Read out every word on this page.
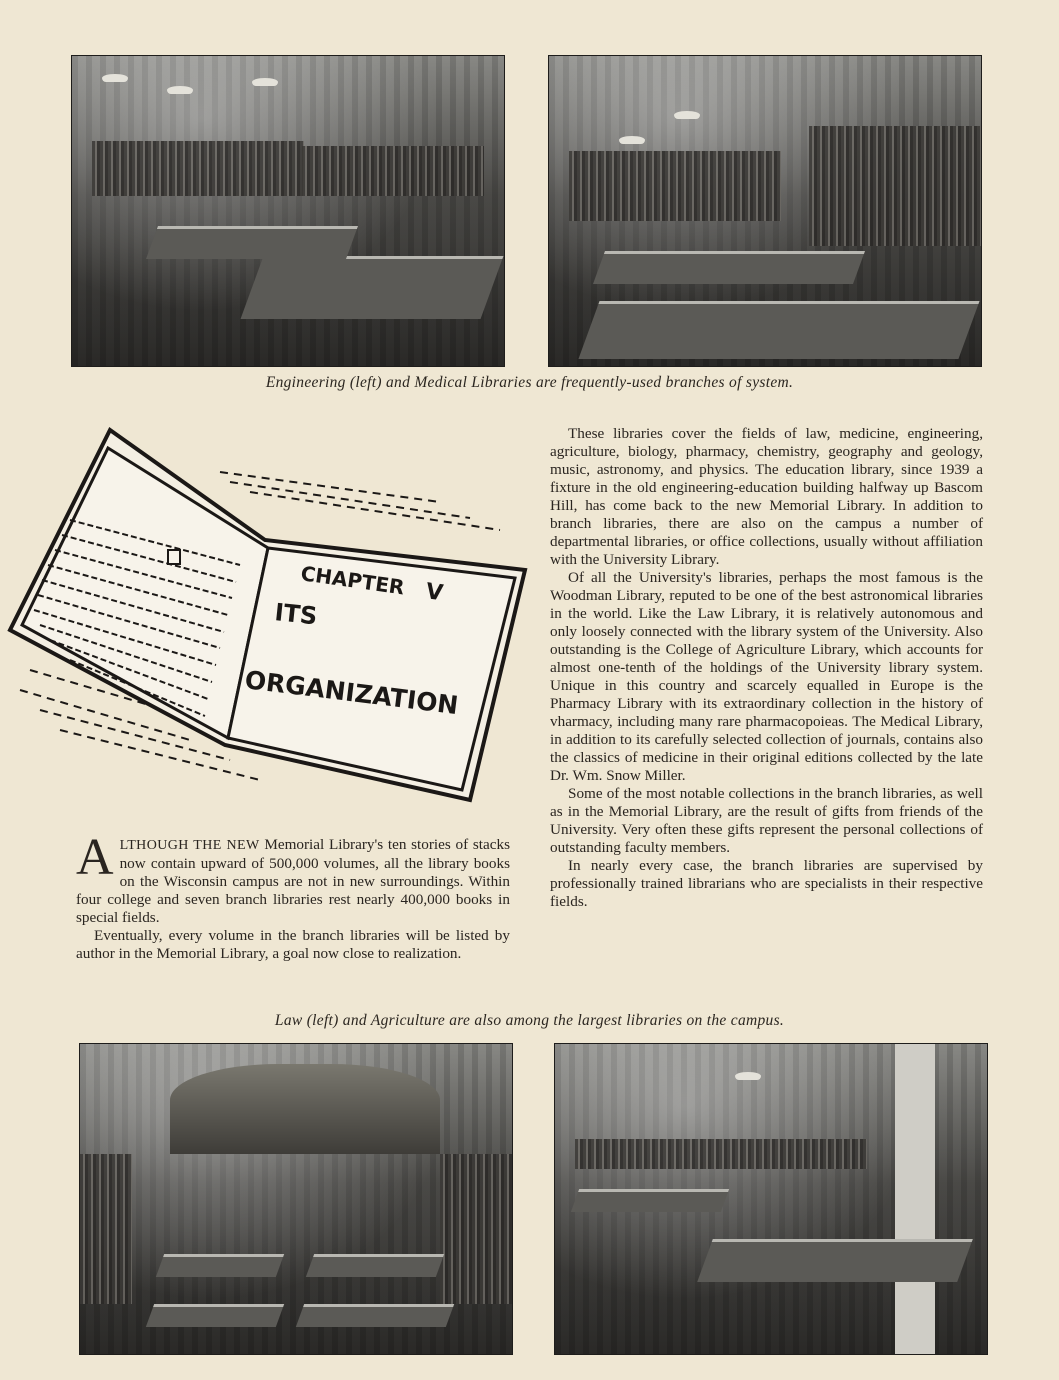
Engineering (left) and Medical Libraries are frequently-used branches of system.
CHAPTER V
ITS
ORGANIZATION

ALTHOUGH THE NEW Memorial Library's ten stories of stacks now contain upward of 500,000 volumes, all the library books on the Wisconsin campus are not in new surroundings. Within four college and seven branch libraries rest nearly 400,000 books in special fields.

Eventually, every volume in the branch libraries will be listed by author in the Memorial Library, a goal now close to realization.

These libraries cover the fields of law, medicine, engineering, agriculture, biology, pharmacy, chemistry, geography and geology, music, astronomy, and physics. The education library, since 1939 a fixture in the old engineering-education building halfway up Bascom Hill, has come back to the new Memorial Library. In addition to branch libraries, there are also on the campus a number of departmental libraries, or office collections, usually without affiliation with the University Library.

Of all the University's libraries, perhaps the most famous is the Woodman Library, reputed to be one of the best astronomical libraries in the world. Like the Law Library, it is relatively autonomous and only loosely connected with the library system of the University. Also outstanding is the College of Agriculture Library, which accounts for almost one-tenth of the holdings of the University library system. Unique in this country and scarcely equalled in Europe is the Pharmacy Library with its extraordinary collection in the history of vharmacy, including many rare pharmacopoieas. The Medical Library, in addition to its carefully selected collection of journals, contains also the classics of medicine in their original editions collected by the late Dr. Wm. Snow Miller.

Some of the most notable collections in the branch libraries, as well as in the Memorial Library, are the result of gifts from friends of the University. Very often these gifts represent the personal collections of outstanding faculty members.

In nearly every case, the branch libraries are supervised by professionally trained librarians who are specialists in their respective fields.

Law (left) and Agriculture are also among the largest libraries on the campus.
